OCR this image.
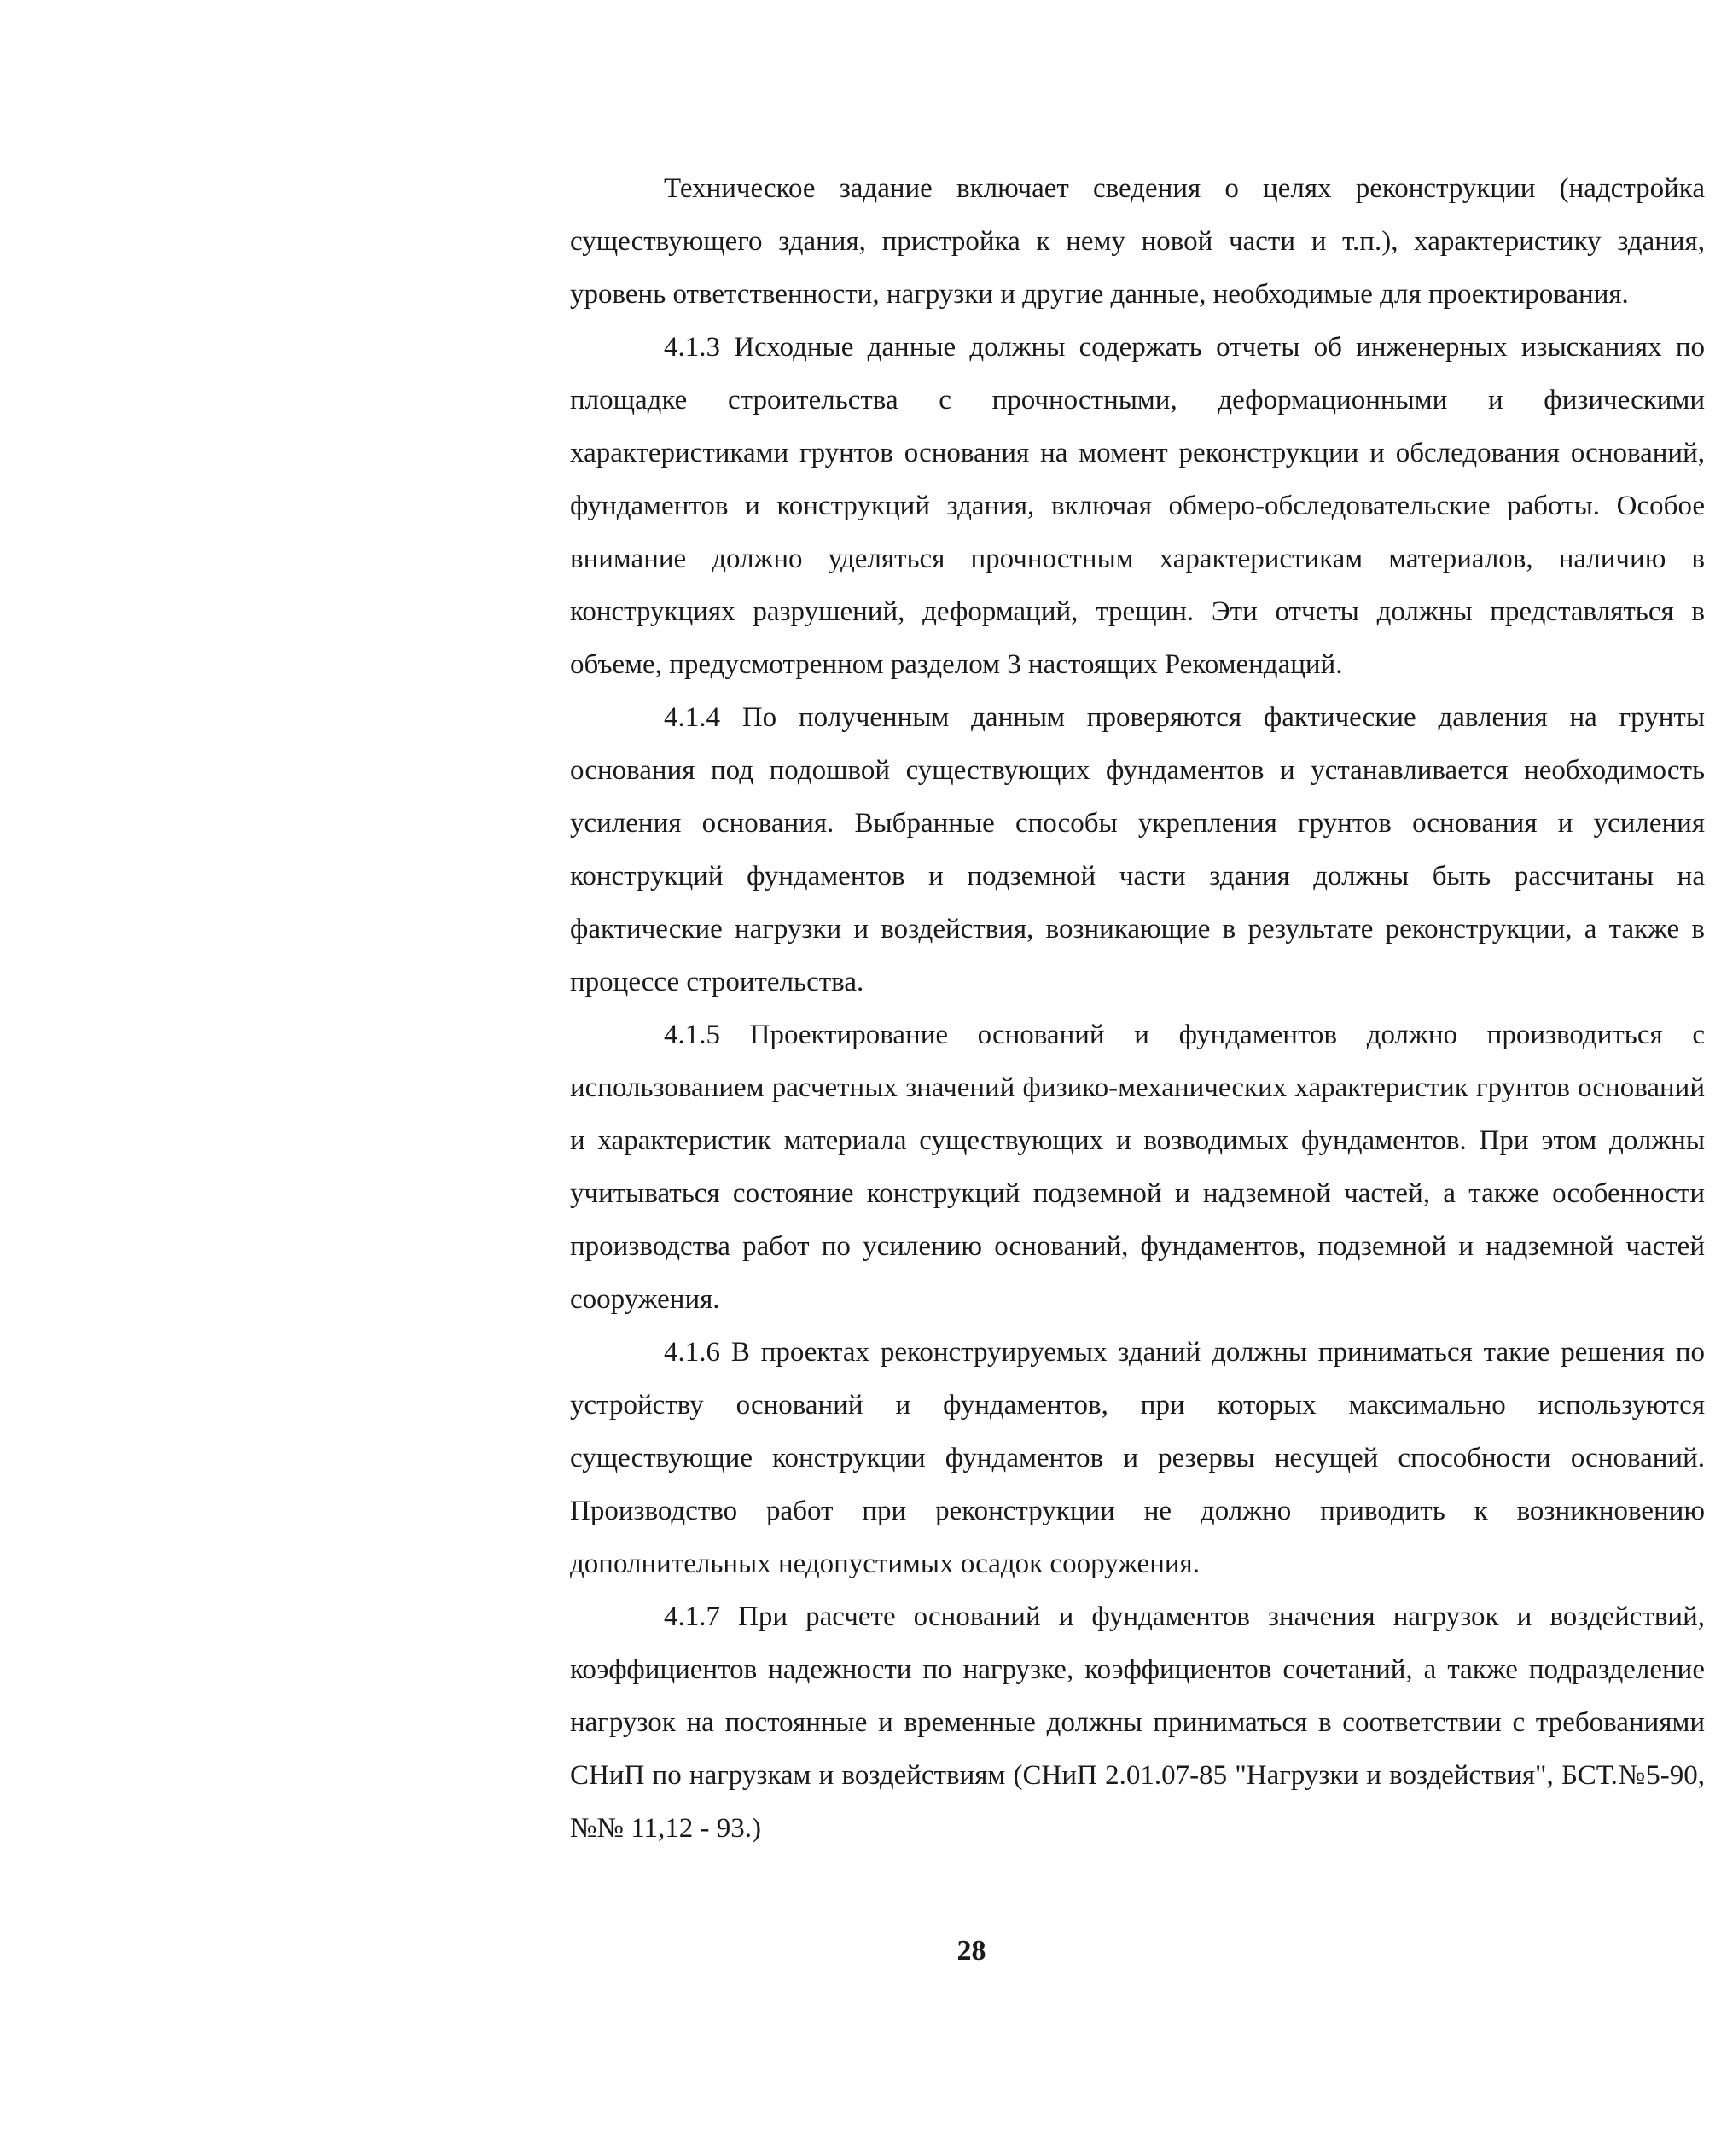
Техническое задание включает сведения о целях реконструкции (надстройка существующего здания, пристройка к нему новой части и т.п.), характеристику здания, уровень ответственности, нагрузки и другие данные, необходимые для проектирования.

4.1.3 Исходные данные должны содержать отчеты об инженерных изысканиях по площадке строительства с прочностными, деформационными и физическими характеристиками грунтов основания на момент реконструкции и обследования оснований, фундаментов и конструкций здания, включая обмеро-обследовательские работы. Особое внимание должно уделяться прочностным характеристикам материалов, наличию в конструкциях разрушений, деформаций, трещин. Эти отчеты должны представляться в объеме, предусмотренном разделом 3 настоящих Рекомендаций.

4.1.4 По полученным данным проверяются фактические давления на грунты основания под подошвой существующих фундаментов и устанавливается необходимость усиления основания. Выбранные способы укрепления грунтов основания и усиления конструкций фундаментов и подземной части здания должны быть рассчитаны на фактические нагрузки и воздействия, возникающие в результате реконструкции, а также в процессе строительства.

4.1.5 Проектирование оснований и фундаментов должно производиться с использованием расчетных значений физико-механических характеристик грунтов оснований и характеристик материала существующих и возводимых фундаментов. При этом должны учитываться состояние конструкций подземной и надземной частей, а также особенности производства работ по усилению оснований, фундаментов, подземной и надземной частей сооружения.

4.1.6 В проектах реконструируемых зданий должны приниматься такие решения по устройству оснований и фундаментов, при которых максимально используются существующие конструкции фундаментов и резервы несущей способности оснований. Производство работ при реконструкции не должно приводить к возникновению дополнительных недопустимых осадок сооружения.

4.1.7 При расчете оснований и фундаментов значения нагрузок и воздействий, коэффициентов надежности по нагрузке, коэффициентов сочетаний, а также подразделение нагрузок на постоянные и временные должны приниматься в соответствии с требованиями СНиП по нагрузкам и воздействиям (СНиП 2.01.07-85 "Нагрузки и воздействия", БСТ.№5-90, №№ 11,12 - 93.)

28
